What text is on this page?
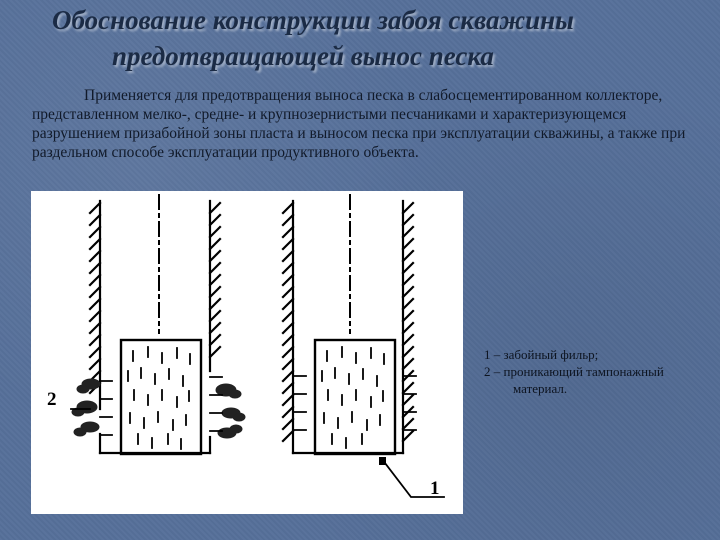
Обоснование конструкции забоя скважины
предотвращающей вынос песка

Применяется для предотвращения выноса песка в слабосцементированном коллекторе, представленном мелко-, средне- и крупнозернистыми песчаниками и характеризующемся разрушением призабойной зоны пласта и выносом песка при эксплуатации скважины, а также при раздельном способе эксплуатации продуктивного объекта.

2
1
1 – забойный фильр;
2 – проникающий тампонажный
материал.
